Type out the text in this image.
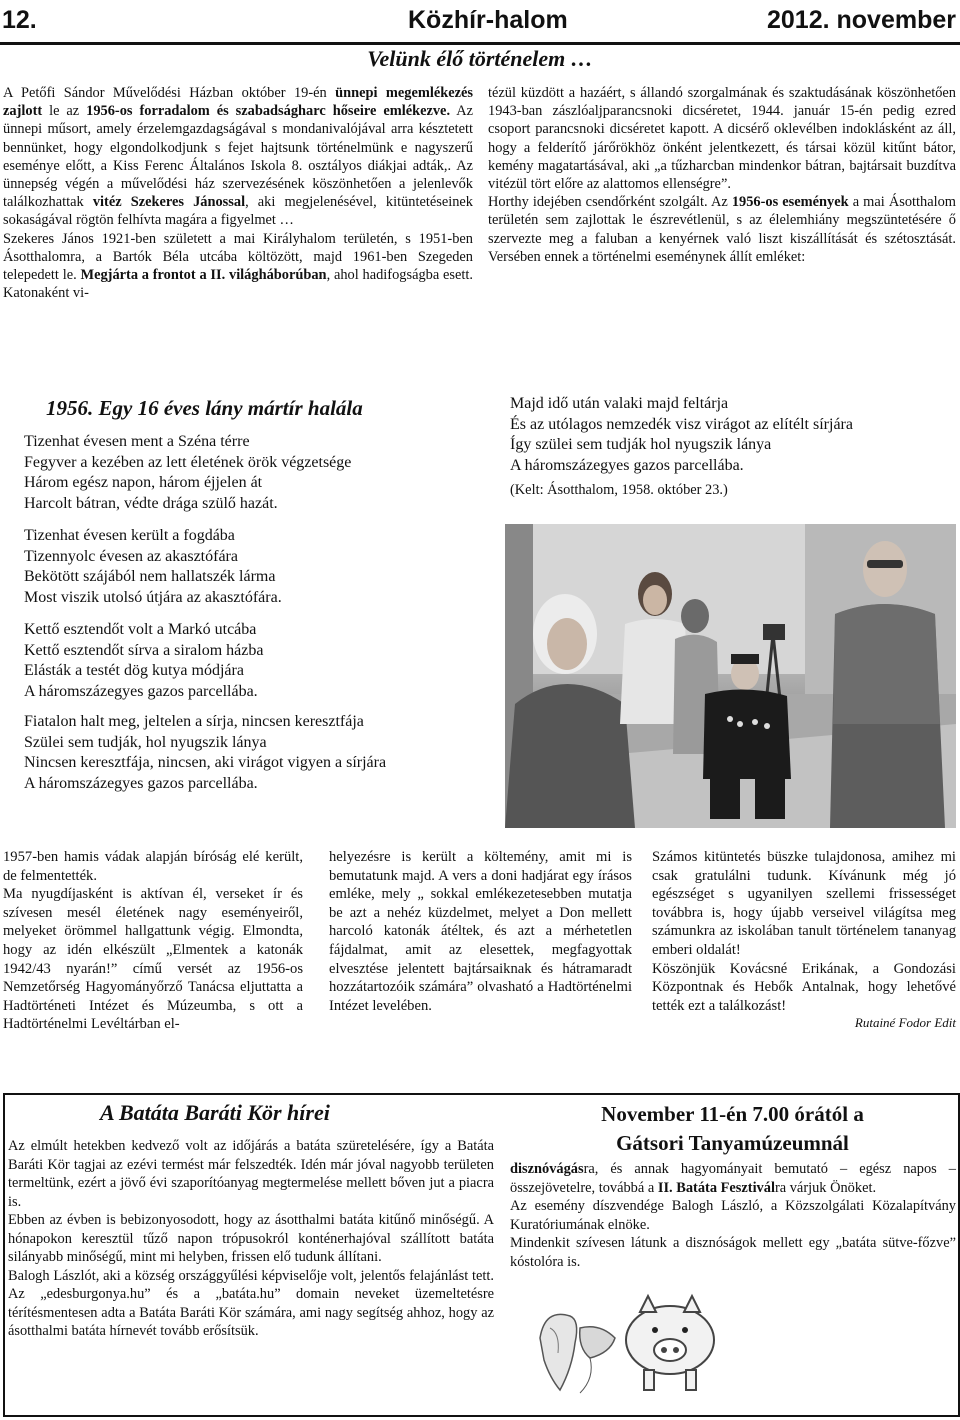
12.	Közhír-halom	2012. november
Velünk élő történelem …

A Petőfi Sándor Művelődési Házban október 19-én ünnepi megemlékezés zajlott le az 1956-os forradalom és szabadságharc hőseire emlékezve. Az ünnepi műsort, amely érzelemgazdagságával s mondanivalójával arra késztetett bennünket, hogy elgondolkodjunk s fejet hajtsunk történelmünk e nagyszerű eseménye előtt, a Kiss Ferenc Általános Iskola 8. osztályos diákjai adták,. Az ünnepség végén a művelődési ház szervezésének köszönhetően a jelenlevők találkozhattak vitéz Szekeres Jánossal, aki megjelenésével, kitüntetéseinek sokaságával rögtön felhívta magára a figyelmet …

Szekeres János 1921-ben született a mai Királyhalom területén, s 1951-ben Ásotthalomra, a Bartók Béla utcába költözött, majd 1961-ben Szegeden telepedett le. Megjárta a frontot a II. világháborúban, ahol hadifogságba esett. Katonaként vi-

tézül küzdött a hazáért, s állandó szorgalmának és szaktudásának köszönhetően 1943-ban zászlóaljparancsnoki dicséretet, 1944. január 15-én pedig ezred csoport parancsnoki dicséretet kapott. A dicsérő oklevélben indoklásként az áll, hogy a felderítő járőrökhöz önként jelentkezett, és társai közül kitűnt bátor, kemény magatartásával, aki „a tűzharcban mindenkor bátran, bajtársait buzdítva vitézül tört előre az alattomos ellenségre”.

Horthy idejében csendőrként szolgált. Az 1956-os események a mai Ásotthalom területén sem zajlottak le észrevétlenül, s az élelemhiány megszüntetésére ő szervezte meg a faluban a kenyérnek való liszt kiszállítását és szétosztását. Versében ennek a történelmi eseménynek állít emléket:

1956. Egy 16 éves lány mártír halála
Tizenhat évesen ment a Széna térre
Fegyver a kezében az lett életének örök végzetsége
Három egész napon, három éjjelen át
Harcolt bátran, védte drága szülő hazát.
Tizenhat évesen került a fogdába
Tizennyolc évesen az akasztófára
Bekötött szájából nem hallatszék lárma
Most viszik utolsó útjára az akasztófára.
Kettő esztendőt volt a Markó utcába
Kettő esztendőt sírva a siralom házba
Elásták a testét dög kutya módjára
A háromszázegyes gazos parcellába.
Fiatalon halt meg, jeltelen a sírja, nincsen keresztfája
Szülei sem tudják, hol nyugszik lánya
Nincsen keresztfája, nincsen, aki virágot vigyen a sírjára
A háromszázegyes gazos parcellába.
Majd idő után valaki majd feltárja
És az utólagos nemzedék visz virágot az elítélt sírjára
Így szülei sem tudják hol nyugszik lánya
A háromszázegyes gazos parcellába.
(Kelt: Ásotthalom, 1958. október 23.)

1957-ben hamis vádak alapján bíróság elé került, de felmentették.
Ma nyugdíjasként is aktívan él, verseket ír és szívesen mesél életének nagy eseményeiről, melyeket örömmel hallgattunk végig. Elmondta, hogy az idén elkészült „Elmentek a katonák 1942/43 nyarán!” című versét az 1956-os Nemzetőrség Hagyományőrző Tanácsa eljuttatta a Hadtörténeti Intézet és Múzeumba, s ott a Hadtörténelmi Levéltárban el-

helyezésre is került a költemény, amit mi is bemutatunk majd. A vers a doni hadjárat egy írásos emléke, mely „ sokkal emlékezetesebben mutatja be azt a nehéz küzdelmet, melyet a Don mellett harcoló katonák átéltek, és azt a mérhetetlen fájdalmat, amit az elesettek, megfagyottak elvesztése jelentett bajtársaiknak és hátramaradt hozzátartozóik számára” olvasható a Hadtörténelmi Intézet levelében.

Számos kitüntetés büszke tulajdonosa, amihez mi csak gratulálni tudunk. Kívánunk még jó egészséget s ugyanilyen szellemi frissességet továbbra is, hogy újabb verseivel világítsa meg számunkra az iskolában tanult történelem tananyag emberi oldalát!
Köszönjük Kovácsné Erikának, a Gondozási Központnak és Hebők Antalnak, hogy lehetővé tették ezt a találkozást!

Rutainé Fodor Edit
A Batáta Baráti Kör hírei

Az elmúlt hetekben kedvező volt az időjárás a batáta szüretelésére, így a Batáta Baráti Kör tagjai az ezévi termést már felszedték. Idén már jóval nagyobb területen termeltünk, ezért a jövő évi szaporítóanyag megtermelése mellett bőven jut a piacra is.
Ebben az évben is bebizonyosodott, hogy az ásotthalmi batáta kitűnő minőségű. A hónapokon keresztül tűző napon trópusokról konténerhajóval szállított batáta silányabb minőségű, mint mi helyben, frissen elő tudunk állítani.
Balogh Lászlót, aki a község országgyűlési képviselője volt, jelentős felajánlást tett. Az „edesburgonya.hu” és a „batáta.hu” domain neveket üzemeltetésre térítésmentesen adta a Batáta Baráti Kör számára, ami nagy segítség ahhoz, hogy az ásotthalmi batáta hírnevét tovább erősítsük.

November 11-én 7.00 órától a
Gátsori Tanyamúzeumnál

disznóvágásra, és annak hagyományait bemutató – egész napos – összejövetelre, továbbá a II. Batáta Fesztiválra várjuk Önöket.
Az esemény díszvendége Balogh László, a Közszolgálati Közalapítvány Kuratóriumának elnöke.
Mindenkit szívesen látunk a disznóságok mellett egy „batáta sütve-főzve” kóstolóra is.
